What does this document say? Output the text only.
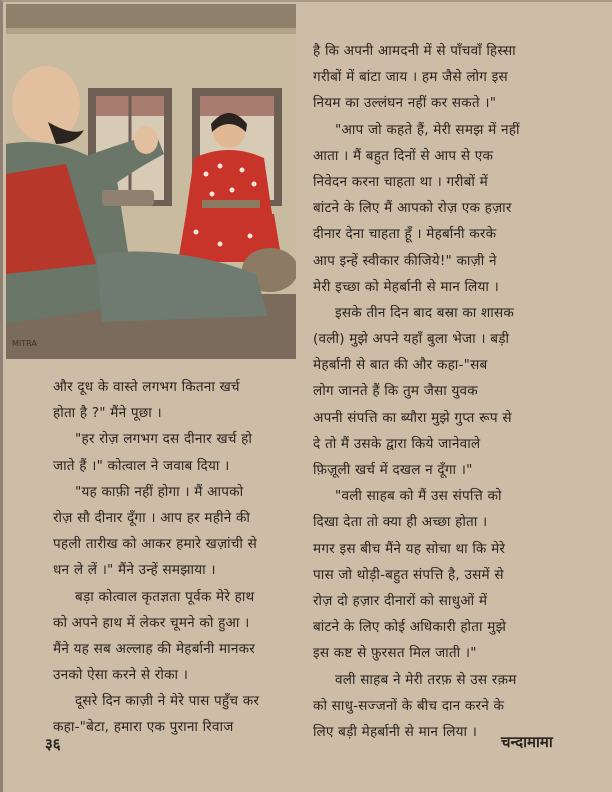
MITRA
है कि अपनी आमदनी में से पाँचवाँ हिस्सा
गरीबों में बांटा जाय । हम जैसे लोग इस
नियम का उल्लंघन नहीं कर सकते ।"
"आप जो कहते हैं, मेरी समझ में नहीं
आता । मैं बहुत दिनों से आप से एक
निवेदन करना चाहता था । गरीबों में
बांटने के लिए मैं आपको रोज़ एक हज़ार
दीनार देना चाहता हूँ । मेहर्बानी करके
आप इन्हें स्वीकार कीजिये!" काज़ी ने
मेरी इच्छा को मेहर्बानी से मान लिया ।
इसके तीन दिन बाद बस्रा का शासक
(वली) मुझे अपने यहाँ बुला भेजा । बड़ी
मेहर्बानी से बात की और कहा-"सब
लोग जानते हैं कि तुम जैसा युवक
अपनी संपत्ति का ब्यौरा मुझे गुप्त रूप से
दे तो मैं उसके द्वारा किये जानेवाले
फ़िज़ूली खर्च में दखल न दूँगा ।"
"वली साहब को मैं उस संपत्ति को
दिखा देता तो क्या ही अच्छा होता ।
मगर इस बीच मैंने यह सोचा था कि मेरे
पास जो थोड़ी-बहुत संपत्ति है, उसमें से
रोज़ दो हज़ार दीनारों को साधुओं में
बांटने के लिए कोई अधिकारी होता मुझे
इस कष्ट से फ़ुरसत मिल जाती ।"
वली साहब ने मेरी तरफ़ से उस रक़म
को साधु-सज्जनों के बीच दान करने के
लिए बड़ी मेहर्बानी से मान लिया ।
और दूध के वास्ते लगभग कितना खर्च
होता है ?" मैंने पूछा ।
"हर रोज़ लगभग दस दीनार खर्च हो
जाते हैं ।" कोत्वाल ने जवाब दिया ।
"यह काफ़ी नहीं होगा । मैं आपको
रोज़ सौ दीनार दूँगा । आप हर महीने की
पहली तारीख को आकर हमारे खज़ांची से
धन ले लें ।" मैंने उन्हें समझाया ।
बड़ा कोत्वाल कृतज्ञता पूर्वक मेरे हाथ
को अपने हाथ में लेकर चूमने को हुआ ।
मैंने यह सब अल्लाह की मेहर्बानी मानकर
उनको ऐसा करने से रोका ।
दूसरे दिन काज़ी ने मेरे पास पहुँच कर
कहा-"बेटा, हमारा एक पुराना रिवाज
३६	चन्दामामा
